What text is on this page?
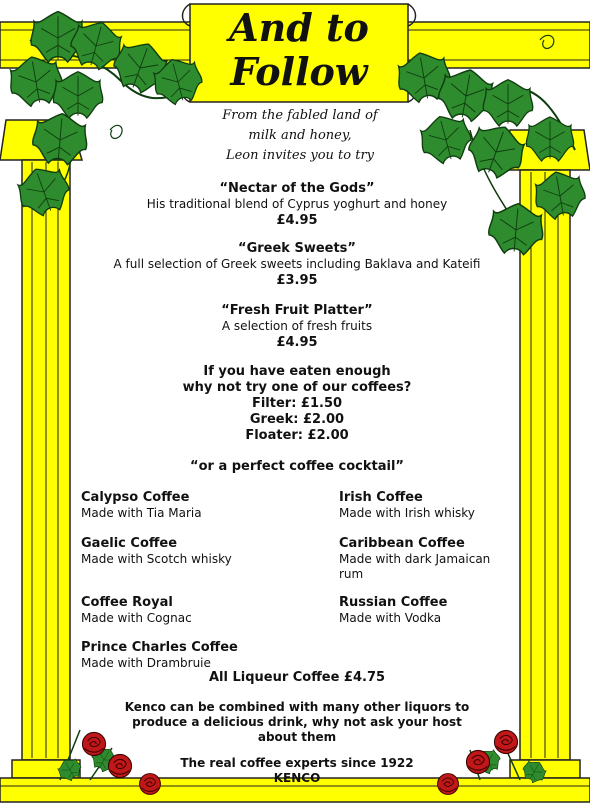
And to
Follow
From the fabled land of
milk and honey,
Leon invites you to try
“Nectar of the Gods”
His traditional blend of Cyprus yoghurt and honey
£4.95
“Greek Sweets”
A full selection of Greek sweets including Baklava and Kateifi
£3.95
“Fresh Fruit Platter”
A selection of fresh fruits
£4.95
If you have eaten enough
why not try one of our coffees?
Filter: £1.50
Greek: £2.00
Floater: £2.00
“or a perfect coffee cocktail”
Calypso Coffee
Made with Tia Maria
Irish Coffee
Made with Irish whisky
Gaelic Coffee
Made with Scotch whisky
Caribbean Coffee
Made with dark Jamaican
rum
Coffee Royal
Made with Cognac
Russian Coffee
Made with Vodka
Prince Charles Coffee
Made with Drambruie
All Liqueur Coffee £4.75
Kenco can be combined with many other liquors to
produce a delicious drink, why not ask your host
about them
The real coffee experts since 1922
KENCO
